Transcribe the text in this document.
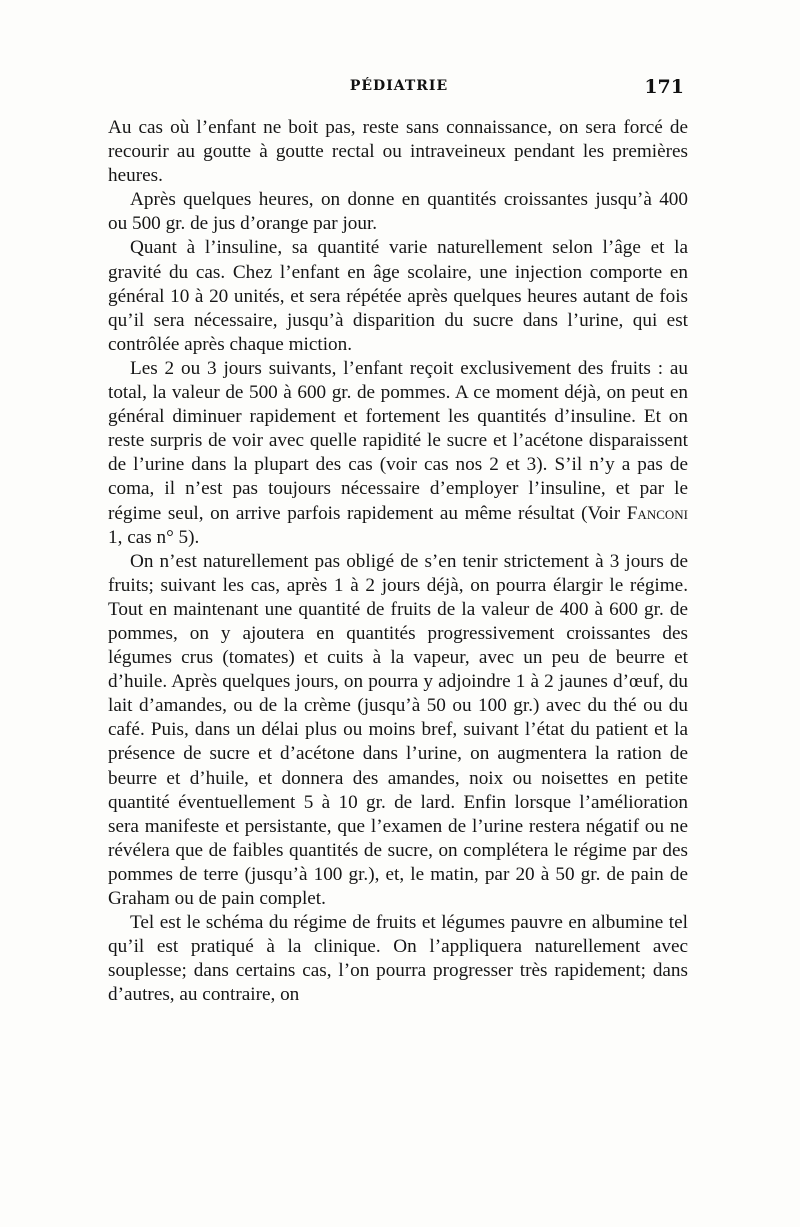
PÉDIATRIE	171

Au cas où l’enfant ne boit pas, reste sans connaissance, on sera forcé de recourir au goutte à goutte rectal ou intraveineux pendant les premières heures.

Après quelques heures, on donne en quantités croissantes jusqu’à 400 ou 500 gr. de jus d’orange par jour.

Quant à l’insuline, sa quantité varie naturellement selon l’âge et la gravité du cas. Chez l’enfant en âge scolaire, une injection comporte en général 10 à 20 unités, et sera répétée après quelques heures autant de fois qu’il sera nécessaire, jusqu’à disparition du sucre dans l’urine, qui est contrôlée après chaque miction.

Les 2 ou 3 jours suivants, l’enfant reçoit exclusivement des fruits : au total, la valeur de 500 à 600 gr. de pommes. A ce moment déjà, on peut en général diminuer rapidement et fortement les quantités d’insuline. Et on reste surpris de voir avec quelle rapidité le sucre et l’acétone disparaissent de l’urine dans la plupart des cas (voir cas nos 2 et 3). S’il n’y a pas de coma, il n’est pas toujours nécessaire d’employer l’insuline, et par le régime seul, on arrive parfois rapidement au même résultat (Voir Fanconi 1, cas n° 5).

On n’est naturellement pas obligé de s’en tenir strictement à 3 jours de fruits; suivant les cas, après 1 à 2 jours déjà, on pourra élargir le régime. Tout en maintenant une quantité de fruits de la valeur de 400 à 600 gr. de pommes, on y ajoutera en quantités progressivement croissantes des légumes crus (tomates) et cuits à la vapeur, avec un peu de beurre et d’huile. Après quelques jours, on pourra y adjoindre 1 à 2 jaunes d’œuf, du lait d’amandes, ou de la crème (jusqu’à 50 ou 100 gr.) avec du thé ou du café. Puis, dans un délai plus ou moins bref, suivant l’état du patient et la présence de sucre et d’acétone dans l’urine, on augmentera la ration de beurre et d’huile, et donnera des amandes, noix ou noisettes en petite quantité éventuellement 5 à 10 gr. de lard. Enfin lorsque l’amélioration sera manifeste et persistante, que l’examen de l’urine restera négatif ou ne révélera que de faibles quantités de sucre, on complétera le régime par des pommes de terre (jusqu’à 100 gr.), et, le matin, par 20 à 50 gr. de pain de Graham ou de pain complet.

Tel est le schéma du régime de fruits et légumes pauvre en albumine tel qu’il est pratiqué à la clinique. On l’appliquera naturellement avec souplesse; dans certains cas, l’on pourra progresser très rapidement; dans d’autres, au contraire, on
